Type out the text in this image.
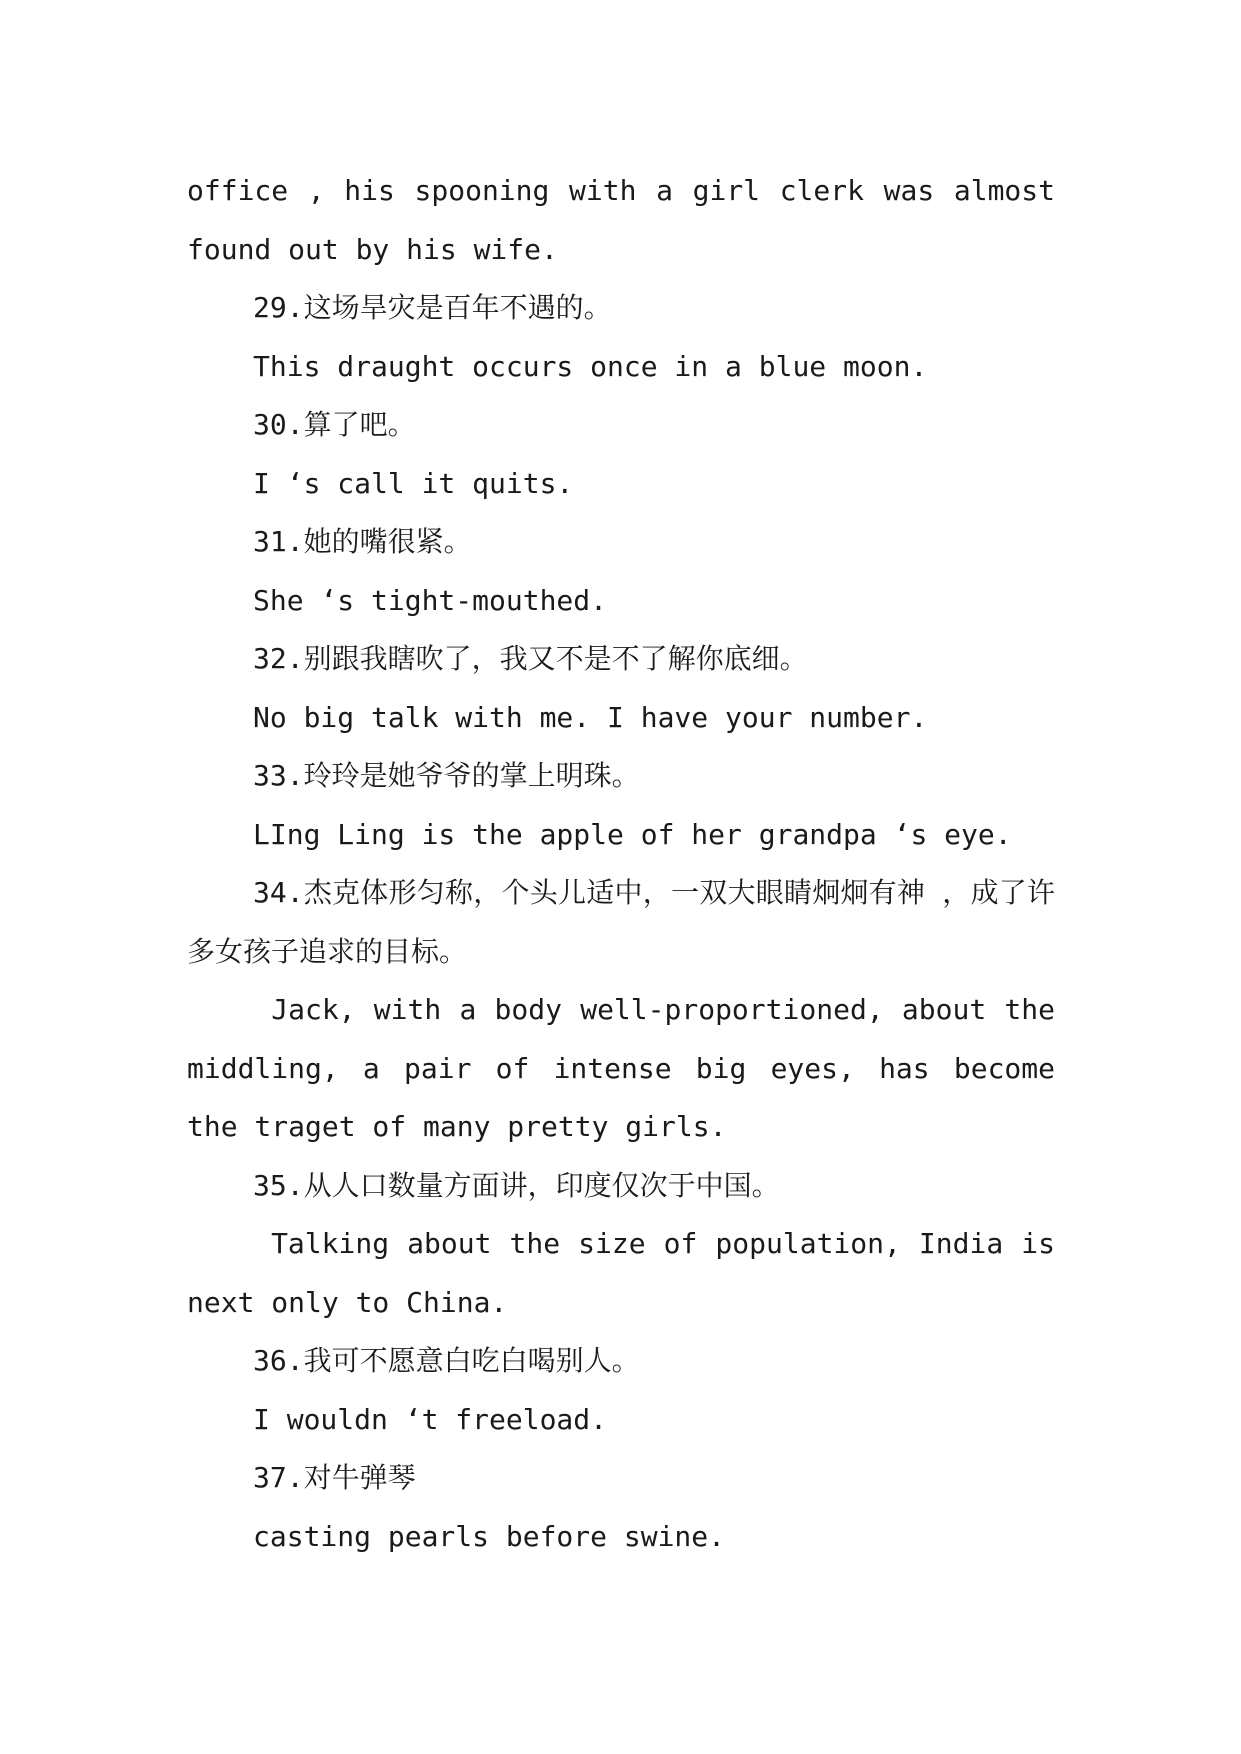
office , his spooning with a girl clerk was almost found out by his wife.

29.这场旱灾是百年不遇的。

This draught occurs once in a blue moon.

30.算了吧。

I ‘s call it quits.

31.她的嘴很紧。

She ‘s tight-mouthed.

32.别跟我瞎吹了，我又不是不了解你底细。

No big talk with me. I have your number.

33.玲玲是她爷爷的掌上明珠。

LIng Ling is the apple of her grandpa ‘s eye.

34.杰克体形匀称，个头儿适中，一双大眼睛炯炯有神 ，成了许多女孩子追求的目标。

Jack, with a body well-proportioned, about the middling, a pair of intense big eyes, has become the traget of many pretty girls.

35.从人口数量方面讲，印度仅次于中国。

Talking about the size of population, India is next only to China.

36.我可不愿意白吃白喝别人。

I wouldn ‘t freeload.

37.对牛弹琴

casting pearls before swine.
